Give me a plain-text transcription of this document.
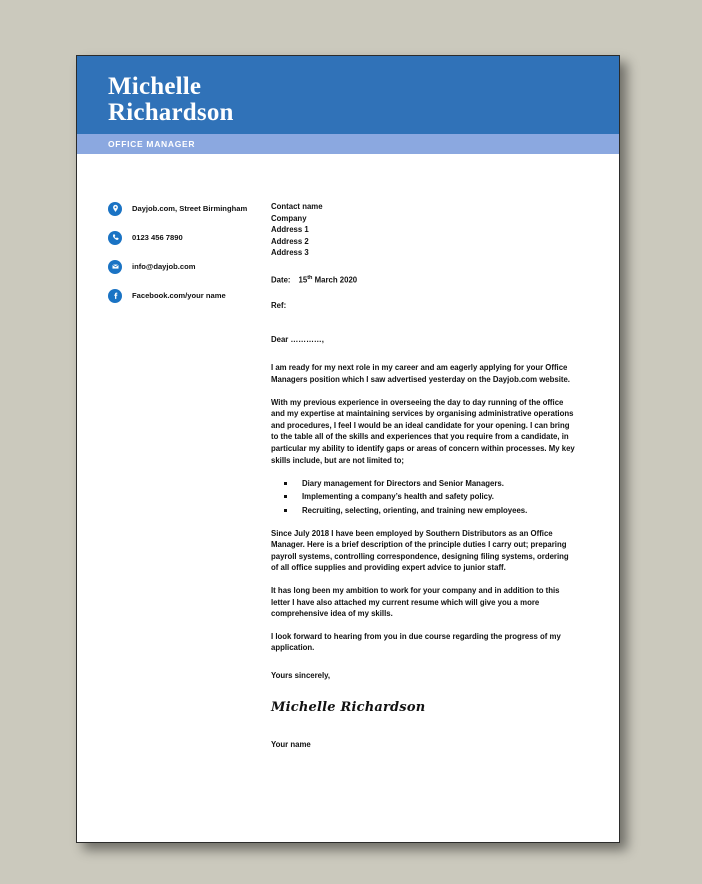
Michelle
Richardson
OFFICE MANAGER
Dayjob.com, Street Birmingham
0123 456 7890
info@dayjob.com
Facebook.com/your name
Contact name
Company
Address 1
Address 2
Address 3
Date: 15th March 2020
Ref:
Dear …………,
I am ready for my next role in my career and am eagerly applying for your Office Managers position which I saw advertised yesterday on the Dayjob.com website.
With my previous experience in overseeing the day to day running of the office and my expertise at maintaining services by organising administrative operations and procedures, I feel I would be an ideal candidate for your opening. I can bring to the table all of the skills and experiences that you require from a candidate, in particular my ability to identify gaps or areas of concern within processes. My key skills include, but are not limited to;
Diary management for Directors and Senior Managers.
Implementing a company’s health and safety policy.
Recruiting, selecting, orienting, and training new employees.
Since July 2018 I have been employed by Southern Distributors as an Office Manager. Here is a brief description of the principle duties I carry out; preparing payroll systems, controlling correspondence, designing filing systems, ordering of all office supplies and providing expert advice to junior staff.
It has long been my ambition to work for your company and in addition to this letter I have also attached my current resume which will give you a more comprehensive idea of my skills.
I look forward to hearing from you in due course regarding the progress of my application.
Yours sincerely,
Michelle Richardson
Your name
